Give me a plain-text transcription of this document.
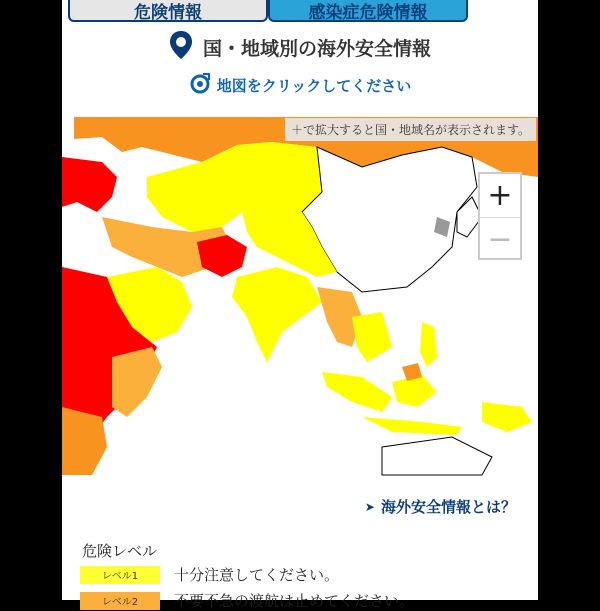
危険情報	感染症危険情報
国・地域別の海外安全情報
地図をクリックしてください
＋で拡大すると国・地域名が表示されます。
+
−
➤ 海外安全情報とは？
危険レベル
レベル1	十分注意してください。
レベル2	不要不急の渡航は止めてください。
